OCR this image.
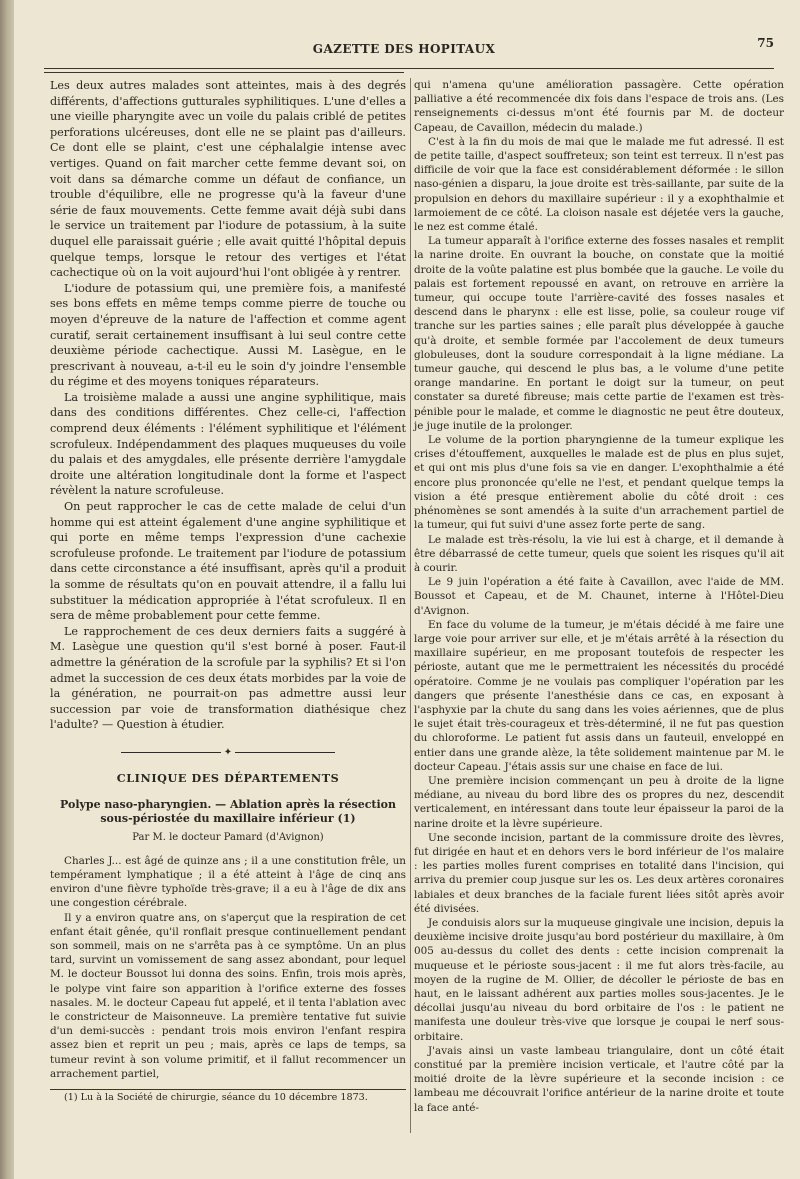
GAZETTE DES HOPITAUX	75

Les deux autres malades sont atteintes, mais à des degrés différents, d'affections gutturales syphilitiques. L'une d'elles a une vieille pharyngite avec un voile du palais criblé de petites perforations ulcéreuses, dont elle ne se plaint pas d'ailleurs. Ce dont elle se plaint, c'est une céphalalgie intense avec vertiges. Quand on fait marcher cette femme devant soi, on voit dans sa démarche comme un défaut de confiance, un trouble d'équilibre, elle ne progresse qu'à la faveur d'une série de faux mouvements. Cette femme avait déjà subi dans le service un traitement par l'iodure de potassium, à la suite duquel elle paraissait guérie ; elle avait quitté l'hôpital depuis quelque temps, lorsque le retour des vertiges et l'état cachectique où on la voit aujourd'hui l'ont obligée à y rentrer.

L'iodure de potassium qui, une première fois, a manifesté ses bons effets en même temps comme pierre de touche ou moyen d'épreuve de la nature de l'affection et comme agent curatif, serait certainement insuffisant à lui seul contre cette deuxième période cachectique. Aussi M. Lasègue, en le prescrivant à nouveau, a-t-il eu le soin d'y joindre l'ensemble du régime et des moyens toniques réparateurs.

La troisième malade a aussi une angine syphilitique, mais dans des conditions différentes. Chez celle-ci, l'affection comprend deux éléments : l'élément syphilitique et l'élément scrofuleux. Indépendamment des plaques muqueuses du voile du palais et des amygdales, elle présente derrière l'amygdale droite une altération longitudinale dont la forme et l'aspect révèlent la nature scrofuleuse.

On peut rapprocher le cas de cette malade de celui d'un homme qui est atteint également d'une angine syphilitique et qui porte en même temps l'expression d'une cachexie scrofuleuse profonde. Le traitement par l'iodure de potassium dans cette circonstance a été insuffisant, après qu'il a produit la somme de résultats qu'on en pouvait attendre, il a fallu lui substituer la médication appropriée à l'état scrofuleux. Il en sera de même probablement pour cette femme.

Le rapprochement de ces deux derniers faits a suggéré à M. Lasègue une question qu'il s'est borné à poser. Faut-il admettre la génération de la scrofule par la syphilis? Et si l'on admet la succession de ces deux états morbides par la voie de la génération, ne pourrait-on pas admettre aussi leur succession par voie de transformation diathésique chez l'adulte? — Question à étudier.

✦
CLINIQUE DES DÉPARTEMENTS
Polype naso-pharyngien. — Ablation après la résection sous-périostée du maxillaire inférieur (1)
Par M. le docteur Pamard (d'Avignon)

Charles J... est âgé de quinze ans ; il a une constitution frêle, un tempérament lymphatique ; il a été atteint à l'âge de cinq ans environ d'une fièvre typhoïde très-grave; il a eu à l'âge de dix ans une congestion cérébrale.

Il y a environ quatre ans, on s'aperçut que la respiration de cet enfant était gênée, qu'il ronflait presque continuellement pendant son sommeil, mais on ne s'arrêta pas à ce symptôme. Un an plus tard, survint un vomissement de sang assez abondant, pour lequel M. le docteur Boussot lui donna des soins. Enfin, trois mois après, le polype vint faire son apparition à l'orifice externe des fosses nasales. M. le docteur Capeau fut appelé, et il tenta l'ablation avec le constricteur de Maisonneuve. La première tentative fut suivie d'un demi-succès : pendant trois mois environ l'enfant respira assez bien et reprit un peu ; mais, après ce laps de temps, sa tumeur revint à son volume primitif, et il fallut recommencer un arrachement partiel,

(1) Lu à la Société de chirurgie, séance du 10 décembre 1873.

qui n'amena qu'une amélioration passagère. Cette opération palliative a été recommencée dix fois dans l'espace de trois ans. (Les renseignements ci-dessus m'ont été fournis par M. de docteur Capeau, de Cavaillon, médecin du malade.)

C'est à la fin du mois de mai que le malade me fut adressé. Il est de petite taille, d'aspect souffreteux; son teint est terreux. Il n'est pas difficile de voir que la face est considérablement déformée : le sillon naso-génien a disparu, la joue droite est très-saillante, par suite de la propulsion en dehors du maxillaire supérieur : il y a exophthalmie et larmoiement de ce côté. La cloison nasale est déjetée vers la gauche, le nez est comme étalé.

La tumeur apparaît à l'orifice externe des fosses nasales et remplit la narine droite. En ouvrant la bouche, on constate que la moitié droite de la voûte palatine est plus bombée que la gauche. Le voile du palais est fortement repoussé en avant, on retrouve en arrière la tumeur, qui occupe toute l'arrière-cavité des fosses nasales et descend dans le pharynx : elle est lisse, polie, sa couleur rouge vif tranche sur les parties saines ; elle paraît plus développée à gauche qu'à droite, et semble formée par l'accolement de deux tumeurs globuleuses, dont la soudure correspondait à la ligne médiane. La tumeur gauche, qui descend le plus bas, a le volume d'une petite orange mandarine. En portant le doigt sur la tumeur, on peut constater sa dureté fibreuse; mais cette partie de l'examen est très-pénible pour le malade, et comme le diagnostic ne peut être douteux, je juge inutile de la prolonger.

Le volume de la portion pharyngienne de la tumeur explique les crises d'étouffement, auxquelles le malade est de plus en plus sujet, et qui ont mis plus d'une fois sa vie en danger. L'exophthalmie a été encore plus prononcée qu'elle ne l'est, et pendant quelque temps la vision a été presque entièrement abolie du côté droit : ces phénomènes se sont amendés à la suite d'un arrachement partiel de la tumeur, qui fut suivi d'une assez forte perte de sang.

Le malade est très-résolu, la vie lui est à charge, et il demande à être débarrassé de cette tumeur, quels que soient les risques qu'il ait à courir.

Le 9 juin l'opération a été faite à Cavaillon, avec l'aide de MM. Boussot et Capeau, et de M. Chaunet, interne à l'Hôtel-Dieu d'Avignon.

En face du volume de la tumeur, je m'étais décidé à me faire une large voie pour arriver sur elle, et je m'étais arrêté à la résection du maxillaire supérieur, en me proposant toutefois de respecter les périoste, autant que me le permettraient les nécessités du procédé opératoire. Comme je ne voulais pas compliquer l'opération par les dangers que présente l'anesthésie dans ce cas, en exposant à l'asphyxie par la chute du sang dans les voies aériennes, que de plus le sujet était très-courageux et très-déterminé, il ne fut pas question du chloroforme. Le patient fut assis dans un fauteuil, enveloppé en entier dans une grande alèze, la tête solidement maintenue par M. le docteur Capeau. J'étais assis sur une chaise en face de lui.

Une première incision commençant un peu à droite de la ligne médiane, au niveau du bord libre des os propres du nez, descendit verticalement, en intéressant dans toute leur épaisseur la paroi de la narine droite et la lèvre supérieure.

Une seconde incision, partant de la commissure droite des lèvres, fut dirigée en haut et en dehors vers le bord inférieur de l'os malaire : les parties molles furent comprises en totalité dans l'incision, qui arriva du premier coup jusque sur les os. Les deux artères coronaires labiales et deux branches de la faciale furent liées sitôt après avoir été divisées.

Je conduisis alors sur la muqueuse gingivale une incision, depuis la deuxième incisive droite jusqu'au bord postérieur du maxillaire, à 0m 005 au-dessus du collet des dents : cette incision comprenait la muqueuse et le périoste sous-jacent : il me fut alors très-facile, au moyen de la rugine de M. Ollier, de décoller le périoste de bas en haut, en le laissant adhérent aux parties molles sous-jacentes. Je le décollai jusqu'au niveau du bord orbitaire de l'os : le patient ne manifesta une douleur très-vive que lorsque je coupai le nerf sous-orbitaire.

J'avais ainsi un vaste lambeau triangulaire, dont un côté était constitué par la première incision verticale, et l'autre côté par la moitié droite de la lèvre supérieure et la seconde incision : ce lambeau me découvrait l'orifice antérieur de la narine droite et toute la face anté-
